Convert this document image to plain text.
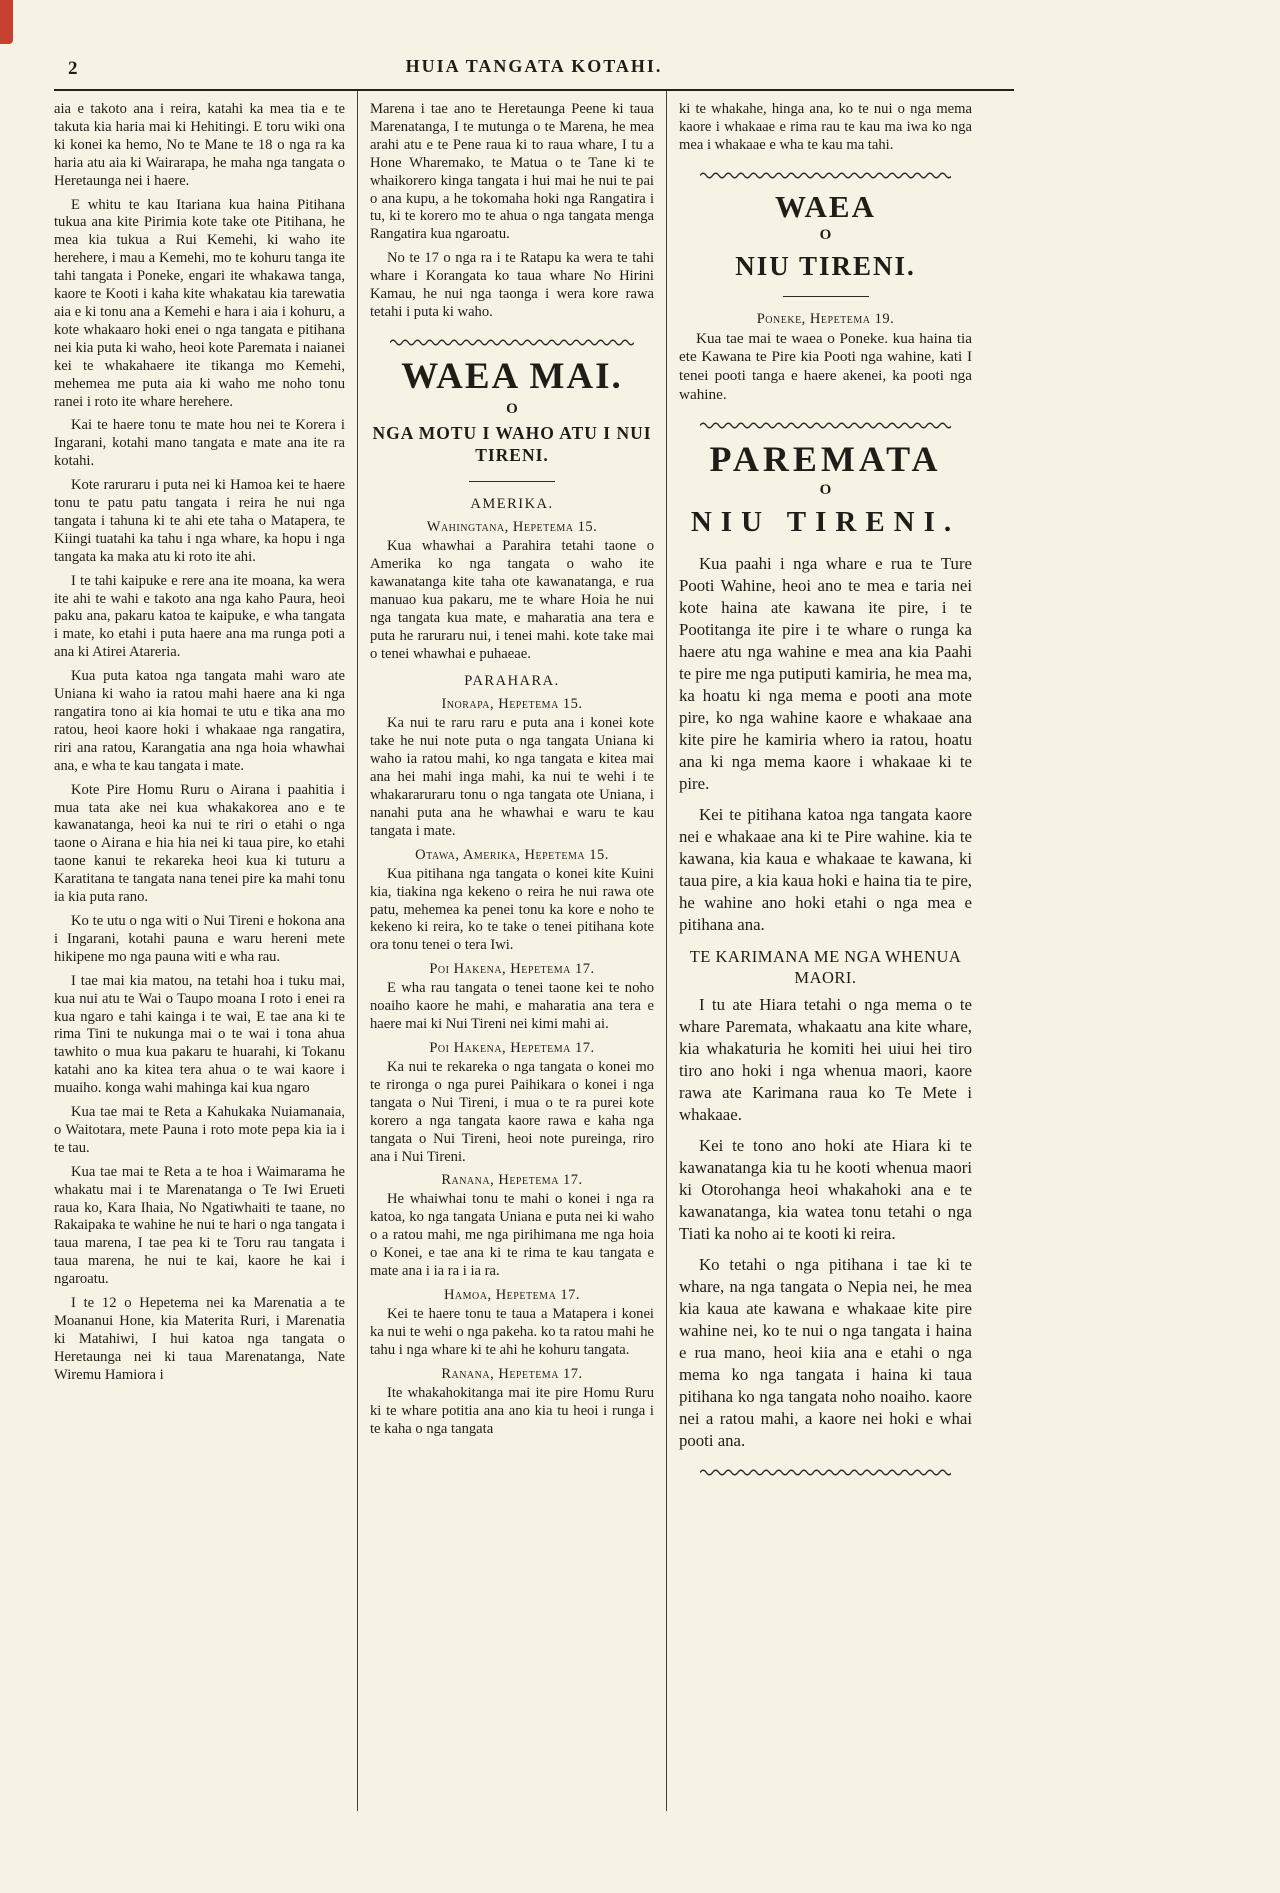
2	HUIA TANGATA KOTAHI.

aia e takoto ana i reira, katahi ka mea tia e te takuta kia haria mai ki Hehitingi. E toru wiki ona ki konei ka hemo, No te Mane te 18 o nga ra ka haria atu aia ki Wairarapa, he maha nga tangata o Heretaunga nei i haere.

E whitu te kau Itariana kua haina Pitihana tukua ana kite Pirimia kote take ote Pitihana, he mea kia tukua a Rui Kemehi, ki waho ite herehere, i mau a Kemehi, mo te kohuru tanga ite tahi tangata i Poneke, engari ite whakawa tanga, kaore te Kooti i kaha kite whakatau kia tarewatia aia e ki tonu ana a Kemehi e hara i aia i kohuru, a kote whakaaro hoki enei o nga tangata e pitihana nei kia puta ki waho, heoi kote Paremata i naianei kei te whakahaere ite tikanga mo Kemehi, mehemea me puta aia ki waho me noho tonu ranei i roto ite whare herehere.

Kai te haere tonu te mate hou nei te Korera i Ingarani, kotahi mano tangata e mate ana ite ra kotahi.

Kote raruraru i puta nei ki Hamoa kei te haere tonu te patu patu tangata i reira he nui nga tangata i tahuna ki te ahi ete taha o Matapera, te Kiingi tuatahi ka tahu i nga whare, ka hopu i nga tangata ka maka atu ki roto ite ahi.

I te tahi kaipuke e rere ana ite moana, ka wera ite ahi te wahi e takoto ana nga kaho Paura, heoi paku ana, pakaru katoa te kaipuke, e wha tangata i mate, ko etahi i puta haere ana ma runga poti a ana ki Atirei Atareria.

Kua puta katoa nga tangata mahi waro ate Uniana ki waho ia ratou mahi haere ana ki nga rangatira tono ai kia homai te utu e tika ana mo ratou, heoi kaore hoki i whakaae nga rangatira, riri ana ratou, Karangatia ana nga hoia whawhai ana, e wha te kau tangata i mate.

Kote Pire Homu Ruru o Airana i paahitia i mua tata ake nei kua whakakorea ano e te kawanatanga, heoi ka nui te riri o etahi o nga taone o Airana e hia hia nei ki taua pire, ko etahi taone kanui te rekareka heoi kua ki tuturu a Karatitana te tangata nana tenei pire ka mahi tonu ia kia puta rano.

Ko te utu o nga witi o Nui Tireni e hokona ana i Ingarani, kotahi pauna e waru hereni mete hikipene mo nga pauna witi e wha rau.

I tae mai kia matou, na tetahi hoa i tuku mai, kua nui atu te Wai o Taupo moana I roto i enei ra kua ngaro e tahi kainga i te wai, E tae ana ki te rima Tini te nukunga mai o te wai i tona ahua tawhito o mua kua pakaru te huarahi, ki Tokanu katahi ano ka kitea tera ahua o te wai kaore i muaiho. konga wahi mahinga kai kua ngaro

Kua tae mai te Reta a Kahukaka Nuiamanaia, o Waitotara, mete Pauna i roto mote pepa kia ia i te tau.

Kua tae mai te Reta a te hoa i Waimarama he whakatu mai i te Marenatanga o Te Iwi Erueti raua ko, Kara Ihaia, No Ngatiwhaiti te taane, no Rakaipaka te wahine he nui te hari o nga tangata i taua marena, I tae pea ki te Toru rau tangata i taua marena, he nui te kai, kaore he kai i ngaroatu.

I te 12 o Hepetema nei ka Marenatia a te Moananui Hone, kia Materita Ruri, i Marenatia ki Matahiwi, I hui katoa nga tangata o Heretaunga nei ki taua Marenatanga, Nate Wiremu Hamiora i

Marena i tae ano te Heretaunga Peene ki taua Marenatanga, I te mutunga o te Marena, he mea arahi atu e te Pene raua ki to raua whare, I tu a Hone Wharemako, te Matua o te Tane ki te whaikorero kinga tangata i hui mai he nui te pai o ana kupu, a he tokomaha hoki nga Rangatira i tu, ki te korero mo te ahua o nga tangata menga Rangatira kua ngaroatu.

No te 17 o nga ra i te Ratapu ka wera te tahi whare i Korangata ko taua whare No Hirini Kamau, he nui nga taonga i wera kore rawa tetahi i puta ki waho.

WAEA MAI.
O
NGA MOTU I WAHO ATU I NUI TIRENI.
AMERIKA.
Wahingtana, Hepetema 15.

Kua whawhai a Parahira tetahi taone o Amerika ko nga tangata o waho ite kawanatanga kite taha ote kawanatanga, e rua manuao kua pakaru, me te whare Hoia he nui nga tangata kua mate, e maharatia ana tera e puta he raruraru nui, i tenei mahi. kote take mai o tenei whawhai e puhaeae.

PARAHARA.
Inorapa, Hepetema 15.

Ka nui te raru raru e puta ana i konei kote take he nui note puta o nga tangata Uniana ki waho ia ratou mahi, ko nga tangata e kitea mai ana hei mahi inga mahi, ka nui te wehi i te whakararuraru tonu o nga tangata ote Uniana, i nanahi puta ana he whawhai e waru te kau tangata i mate.

Otawa, Amerika, Hepetema 15.

Kua pitihana nga tangata o konei kite Kuini kia, tiakina nga kekeno o reira he nui rawa ote patu, mehemea ka penei tonu ka kore e noho te kekeno ki reira, ko te take o tenei pitihana kote ora tonu tenei o tera Iwi.

Poi Hakena, Hepetema 17.

E wha rau tangata o tenei taone kei te noho noaiho kaore he mahi, e maharatia ana tera e haere mai ki Nui Tireni nei kimi mahi ai.

Poi Hakena, Hepetema 17.

Ka nui te rekareka o nga tangata o konei mo te rironga o nga purei Paihikara o konei i nga tangata o Nui Tireni, i mua o te ra purei kote korero a nga tangata kaore rawa e kaha nga tangata o Nui Tireni, heoi note pureinga, riro ana i Nui Tireni.

Ranana, Hepetema 17.

He whaiwhai tonu te mahi o konei i nga ra katoa, ko nga tangata Uniana e puta nei ki waho o a ratou mahi, me nga pirihimana me nga hoia o Konei, e tae ana ki te rima te kau tangata e mate ana i ia ra i ia ra.

Hamoa, Hepetema 17.

Kei te haere tonu te taua a Matapera i konei ka nui te wehi o nga pakeha. ko ta ratou mahi he tahu i nga whare ki te ahi he kohuru tangata.

Ranana, Hepetema 17.

Ite whakahokitanga mai ite pire Homu Ruru ki te whare potitia ana ano kia tu heoi i runga i te kaha o nga tangata

ki te whakahe, hinga ana, ko te nui o nga mema kaore i whakaae e rima rau te kau ma iwa ko nga mea i whakaae e wha te kau ma tahi.

WAEA
O
NIU TIRENI.
Poneke, Hepetema 19.

Kua tae mai te waea o Poneke. kua haina tia ete Kawana te Pire kia Pooti nga wahine, kati I tenei pooti tanga e haere akenei, ka pooti nga wahine.

PAREMATA
O
NIU TIRENI.

Kua paahi i nga whare e rua te Ture Pooti Wahine, heoi ano te mea e taria nei kote haina ate kawana ite pire, i te Pootitanga ite pire i te whare o runga ka haere atu nga wahine e mea ana kia Paahi te pire me nga putiputi kamiria, he mea ma, ka hoatu ki nga mema e pooti ana mote pire, ko nga wahine kaore e whakaae ana kite pire he kamiria whero ia ratou, hoatu ana ki nga mema kaore i whakaae ki te pire.

Kei te pitihana katoa nga tangata kaore nei e whakaae ana ki te Pire wahine. kia te kawana, kia kaua e whakaae te kawana, ki taua pire, a kia kaua hoki e haina tia te pire, he wahine ano hoki etahi o nga mea e pitihana ana.

TE KARIMANA ME NGA WHENUA MAORI.

I tu ate Hiara tetahi o nga mema o te whare Paremata, whakaatu ana kite whare, kia whakaturia he komiti hei uiui hei tiro tiro ano hoki i nga whenua maori, kaore rawa ate Karimana raua ko Te Mete i whakaae.

Kei te tono ano hoki ate Hiara ki te kawanatanga kia tu he kooti whenua maori ki Otorohanga heoi whakahoki ana e te kawanatanga, kia watea tonu tetahi o nga Tiati ka noho ai te kooti ki reira.

Ko tetahi o nga pitihana i tae ki te whare, na nga tangata o Nepia nei, he mea kia kaua ate kawana e whakaae kite pire wahine nei, ko te nui o nga tangata i haina e rua mano, heoi kiia ana e etahi o nga mema ko nga tangata i haina ki taua pitihana ko nga tangata noho noaiho. kaore nei a ratou mahi, a kaore nei hoki e whai pooti ana.
